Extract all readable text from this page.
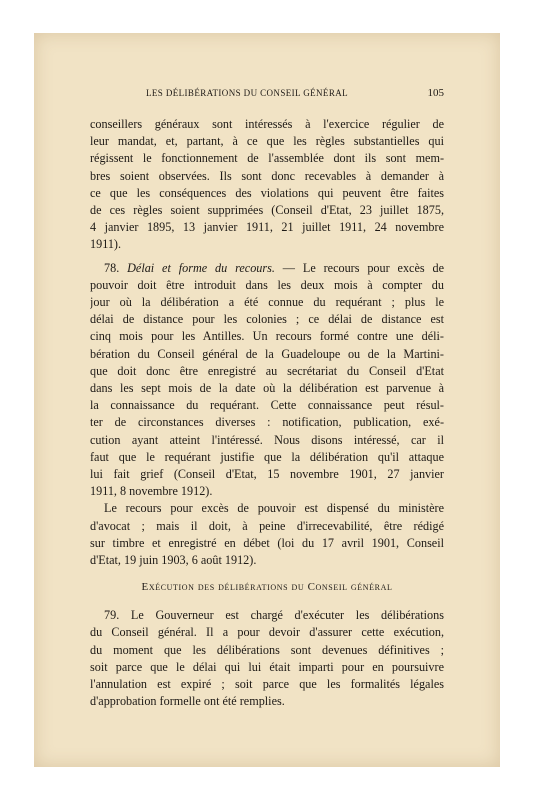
LES DÉLIBÉRATIONS DU CONSEIL GÉNÉRAL	105
conseillers généraux sont intéressés à l'exercice régulier de
leur mandat, et, partant, à ce que les règles substantielles qui
régissent le fonctionnement de l'assemblée dont ils sont mem-
bres soient observées. Ils sont donc recevables à demander à
ce que les conséquences des violations qui peuvent être faites
de ces règles soient supprimées (Conseil d'Etat, 23 juillet 1875,
4 janvier 1895, 13 janvier 1911, 21 juillet 1911, 24 novembre
1911).
78. Délai et forme du recours. — Le recours pour excès de
pouvoir doit être introduit dans les deux mois à compter du
jour où la délibération a été connue du requérant ; plus le
délai de distance pour les colonies ; ce délai de distance est
cinq mois pour les Antilles. Un recours formé contre une déli-
bération du Conseil général de la Guadeloupe ou de la Martini-
que doit donc être enregistré au secrétariat du Conseil d'Etat
dans les sept mois de la date où la délibération est parvenue à
la connaissance du requérant. Cette connaissance peut résul-
ter de circonstances diverses : notification, publication, exé-
cution ayant atteint l'intéressé. Nous disons intéressé, car il
faut que le requérant justifie que la délibération qu'il attaque
lui fait grief (Conseil d'Etat, 15 novembre 1901, 27 janvier
1911, 8 novembre 1912).
Le recours pour excès de pouvoir est dispensé du ministère
d'avocat ; mais il doit, à peine d'irrecevabilité, être rédigé
sur timbre et enregistré en débet (loi du 17 avril 1901, Conseil
d'Etat, 19 juin 1903, 6 août 1912).
Exécution des délibérations du Conseil général
79. Le Gouverneur est chargé d'exécuter les délibérations
du Conseil général. Il a pour devoir d'assurer cette exécution,
du moment que les délibérations sont devenues définitives ;
soit parce que le délai qui lui était imparti pour en poursuivre
l'annulation est expiré ; soit parce que les formalités légales
d'approbation formelle ont été remplies.
